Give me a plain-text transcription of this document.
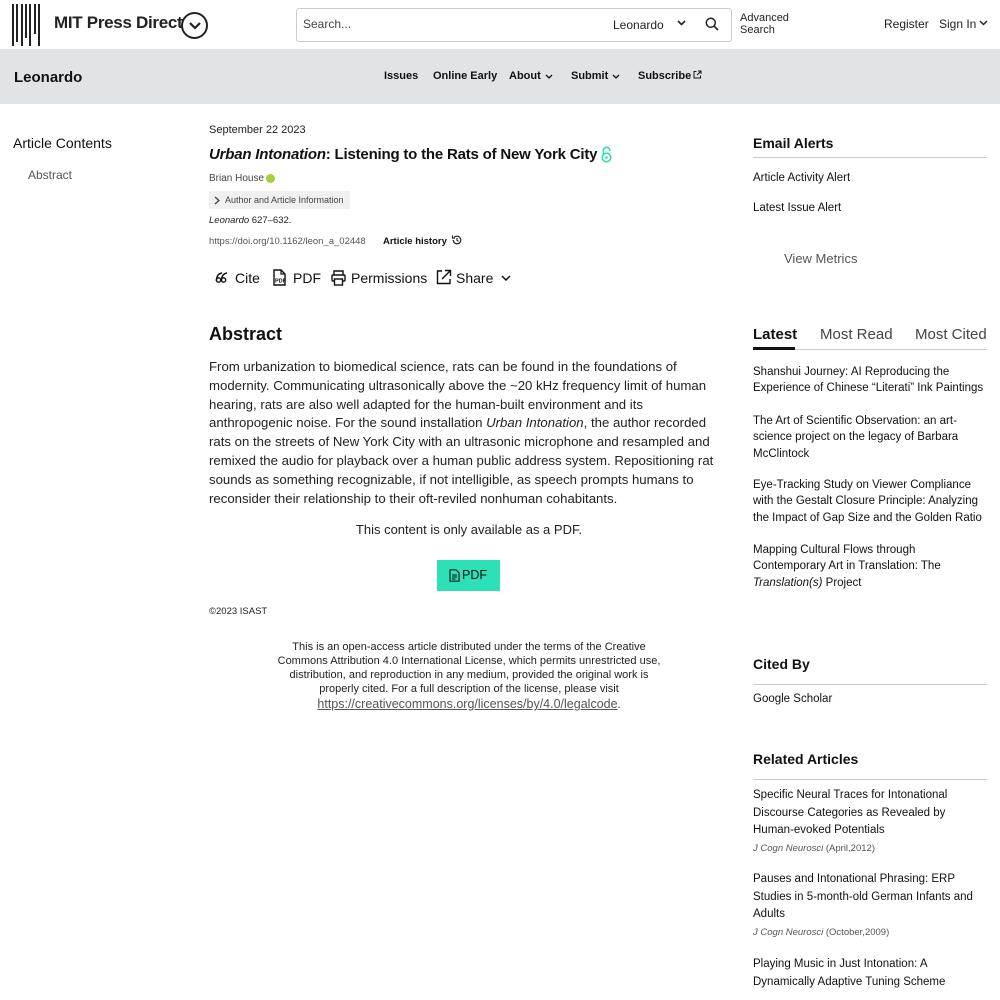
MIT Press Direct
Search...	Leonardo	Advanced
Search	Register Sign In
Leonardo	Issues Online Early About	Submit	Subscribe
Article Contents
Abstract
September 22 2023
Urban Intonation: Listening to the Rats of New York City
Brian House
Author and Article Information
Leonardo 627–632.
https://doi.org/10.1162/leon_a_02448 Article history
Cite	PDF PDF Permissions Share
Abstract
From urbanization to biomedical science, rats can be found in the foundations of modernity. Communicating ultrasonically above the ~20 kHz frequency limit of human hearing, rats are also well adapted for the human-built environment and its anthropogenic noise. For the sound installation Urban Intonation, the author recorded rats on the streets of New York City with an ultrasonic microphone and resampled and remixed the audio for playback over a human public address system. Repositioning rat sounds as something recognizable, if not intelligible, as speech prompts humans to reconsider their relationship to their oft-reviled nonhuman cohabitants.
This content is only available as a PDF.
PDF
©2023 ISAST
This is an open-access article distributed under the terms of the Creative Commons Attribution 4.0 International License, which permits unrestricted use, distribution, and reproduction in any medium, provided the original work is properly cited. For a full description of the license, please visit
https://creativecommons.org/licenses/by/4.0/legalcode.
Email Alerts
Article Activity Alert
Latest Issue Alert
View Metrics
Latest Most Read Most Cited
Shanshui Journey: AI Reproducing the Experience of Chinese “Literati” Ink Paintings
The Art of Scientific Observation: an art-science project on the legacy of Barbara McClintock
Eye-Tracking Study on Viewer Compliance with the Gestalt Closure Principle: Analyzing the Impact of Gap Size and the Golden Ratio
Mapping Cultural Flows through Contemporary Art in Translation: The Translation(s) Project
Cited By
Google Scholar
Related Articles
Specific Neural Traces for Intonational Discourse Categories as Revealed by Human-evoked Potentials
J Cogn Neurosci (April,2012)
Pauses and Intonational Phrasing: ERP Studies in 5-month-old German Infants and Adults
J Cogn Neurosci (October,2009)
Playing Music in Just Intonation: A Dynamically Adaptive Tuning Scheme
